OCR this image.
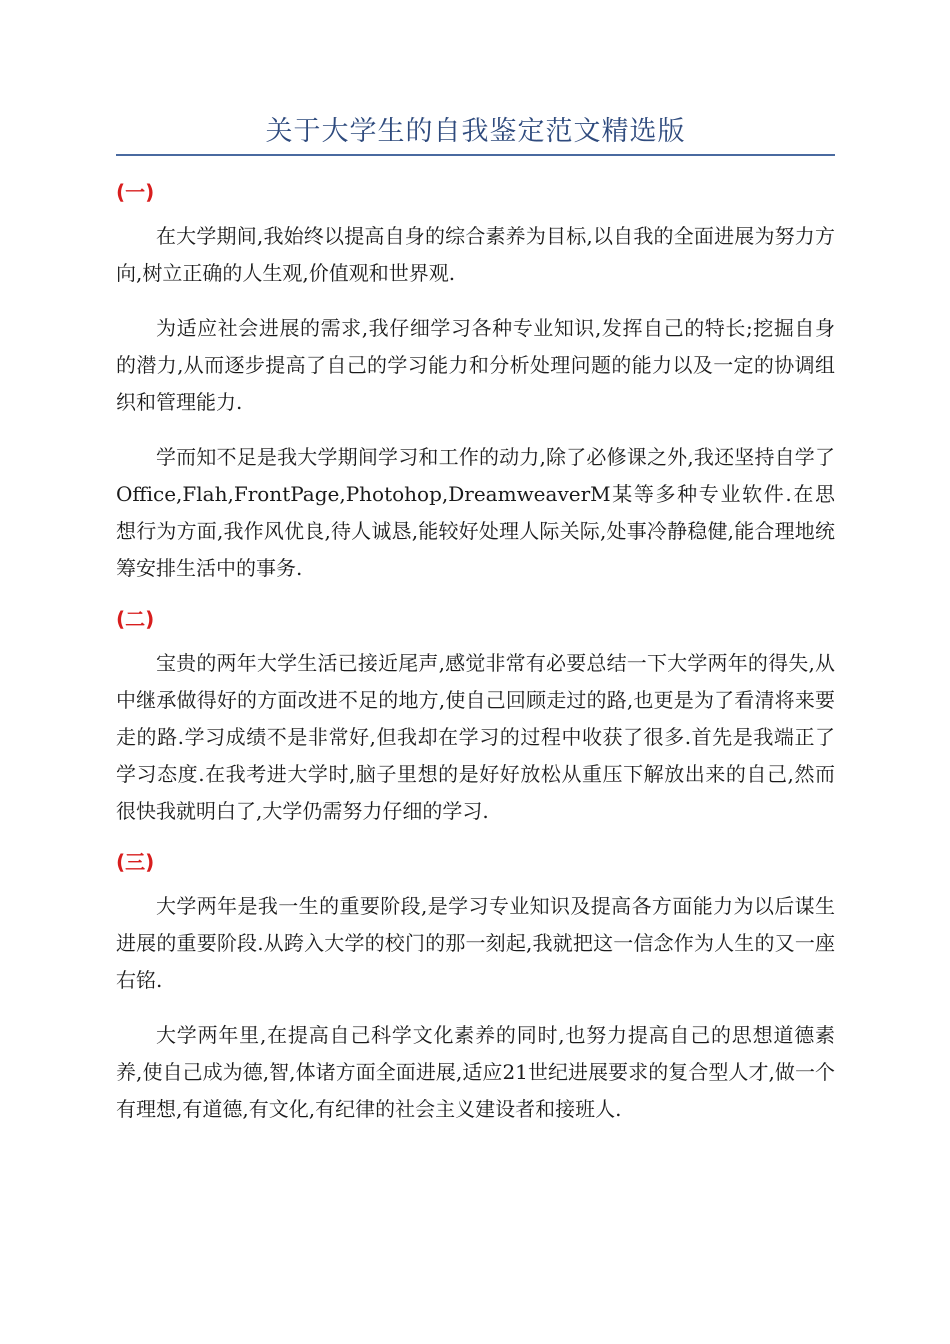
关于大学生的自我鉴定范文精选版
(一)

在大学期间,我始终以提高自身的综合素养为目标,以自我的全面进展为努力方向,树立正确的人生观,价值观和世界观.

为适应社会进展的需求,我仔细学习各种专业知识,发挥自己的特长;挖掘自身的潜力,从而逐步提高了自己的学习能力和分析处理问题的能力以及一定的协调组织和管理能力.

学而知不足是我大学期间学习和工作的动力,除了必修课之外,我还坚持自学了Office,Flah,FrontPage,Photohop,DreamweaverM某等多种专业软件.在思想行为方面,我作风优良,待人诚恳,能较好处理人际关际,处事冷静稳健,能合理地统筹安排生活中的事务.

(二)

宝贵的两年大学生活已接近尾声,感觉非常有必要总结一下大学两年的得失,从中继承做得好的方面改进不足的地方,使自己回顾走过的路,也更是为了看清将来要走的路.学习成绩不是非常好,但我却在学习的过程中收获了很多.首先是我端正了学习态度.在我考进大学时,脑子里想的是好好放松从重压下解放出来的自己,然而很快我就明白了,大学仍需努力仔细的学习.

(三)

大学两年是我一生的重要阶段,是学习专业知识及提高各方面能力为以后谋生进展的重要阶段.从跨入大学的校门的那一刻起,我就把这一信念作为人生的又一座右铭.

大学两年里,在提高自己科学文化素养的同时,也努力提高自己的思想道德素养,使自己成为德,智,体诸方面全面进展,适应21世纪进展要求的复合型人才,做一个有理想,有道德,有文化,有纪律的社会主义建设者和接班人.
